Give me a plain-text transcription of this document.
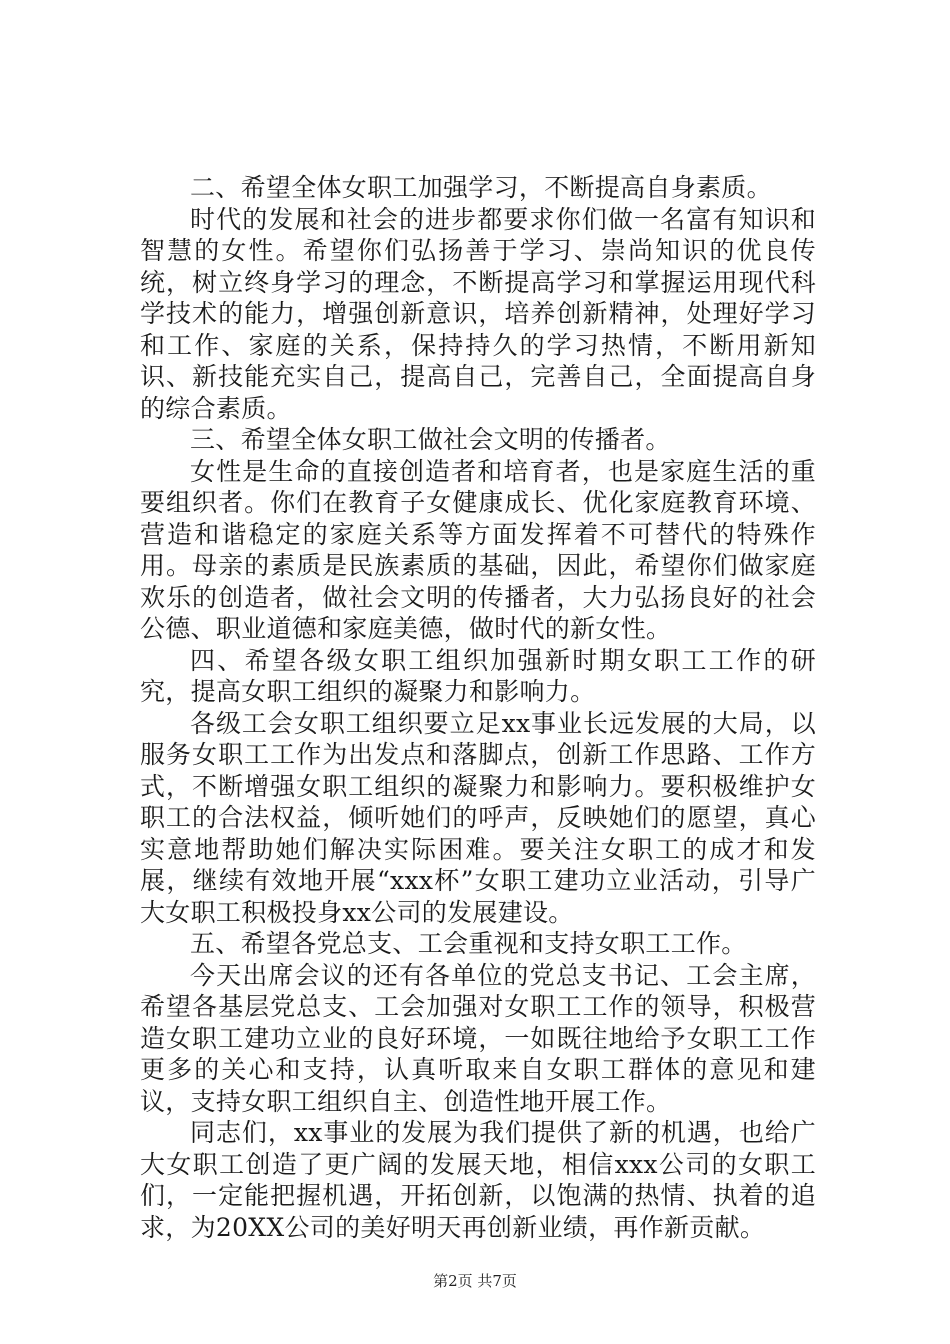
二、希望全体女职工加强学习，不断提高自身素质。

时代的发展和社会的进步都要求你们做一名富有知识和智慧的女性。希望你们弘扬善于学习、崇尚知识的优良传统，树立终身学习的理念，不断提高学习和掌握运用现代科学技术的能力，增强创新意识，培养创新精神，处理好学习和工作、家庭的关系，保持持久的学习热情，不断用新知识、新技能充实自己，提高自己，完善自己，全面提高自身的综合素质。

三、希望全体女职工做社会文明的传播者。

女性是生命的直接创造者和培育者，也是家庭生活的重要组织者。你们在教育子女健康成长、优化家庭教育环境、营造和谐稳定的家庭关系等方面发挥着不可替代的特殊作用。母亲的素质是民族素质的基础，因此，希望你们做家庭欢乐的创造者，做社会文明的传播者，大力弘扬良好的社会公德、职业道德和家庭美德，做时代的新女性。

四、希望各级女职工组织加强新时期女职工工作的研究，提高女职工组织的凝聚力和影响力。

各级工会女职工组织要立足xx事业长远发展的大局，以服务女职工工作为出发点和落脚点，创新工作思路、工作方式，不断增强女职工组织的凝聚力和影响力。要积极维护女职工的合法权益，倾听她们的呼声，反映她们的愿望，真心实意地帮助她们解决实际困难。要关注女职工的成才和发展，继续有效地开展“xxx杯”女职工建功立业活动，引导广大女职工积极投身xx公司的发展建设。

五、希望各党总支、工会重视和支持女职工工作。

今天出席会议的还有各单位的党总支书记、工会主席，希望各基层党总支、工会加强对女职工工作的领导，积极营造女职工建功立业的良好环境，一如既往地给予女职工工作更多的关心和支持，认真听取来自女职工群体的意见和建议，支持女职工组织自主、创造性地开展工作。

同志们，xx事业的发展为我们提供了新的机遇，也给广大女职工创造了更广阔的发展天地，相信xxx公司的女职工们，一定能把握机遇，开拓创新，以饱满的热情、执着的追求，为20XX公司的美好明天再创新业绩，再作新贡献。

第2页 共7页
